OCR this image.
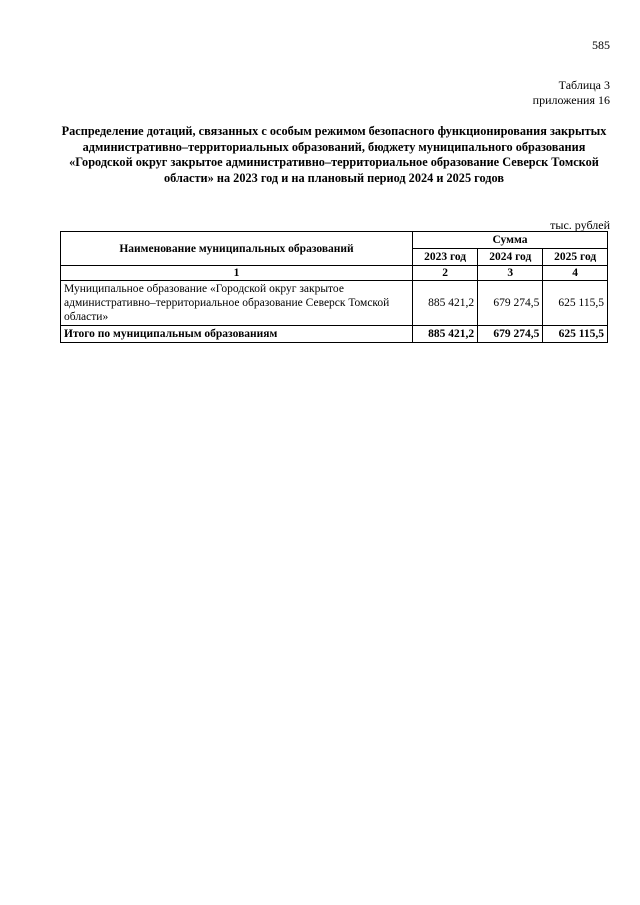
585
Таблица 3
приложения 16
Распределение дотаций, связанных с особым режимом безопасного функционирования закрытых административно–территориальных образований, бюджету муниципального образования «Городской округ закрытое административно–территориальное образование Северск Томской области» на 2023 год и на плановый период 2024 и 2025 годов
тыс. рублей
Наименование муниципальных образований	Сумма		
	2023 год	2024 год	2025 год
1	2	3	4
Муниципальное образование «Городской округ закрытое административно–территориальное образование Северск Томской области»	885 421,2	679 274,5	625 115,5
Итого по муниципальным образованиям	885 421,2	679 274,5	625 115,5
